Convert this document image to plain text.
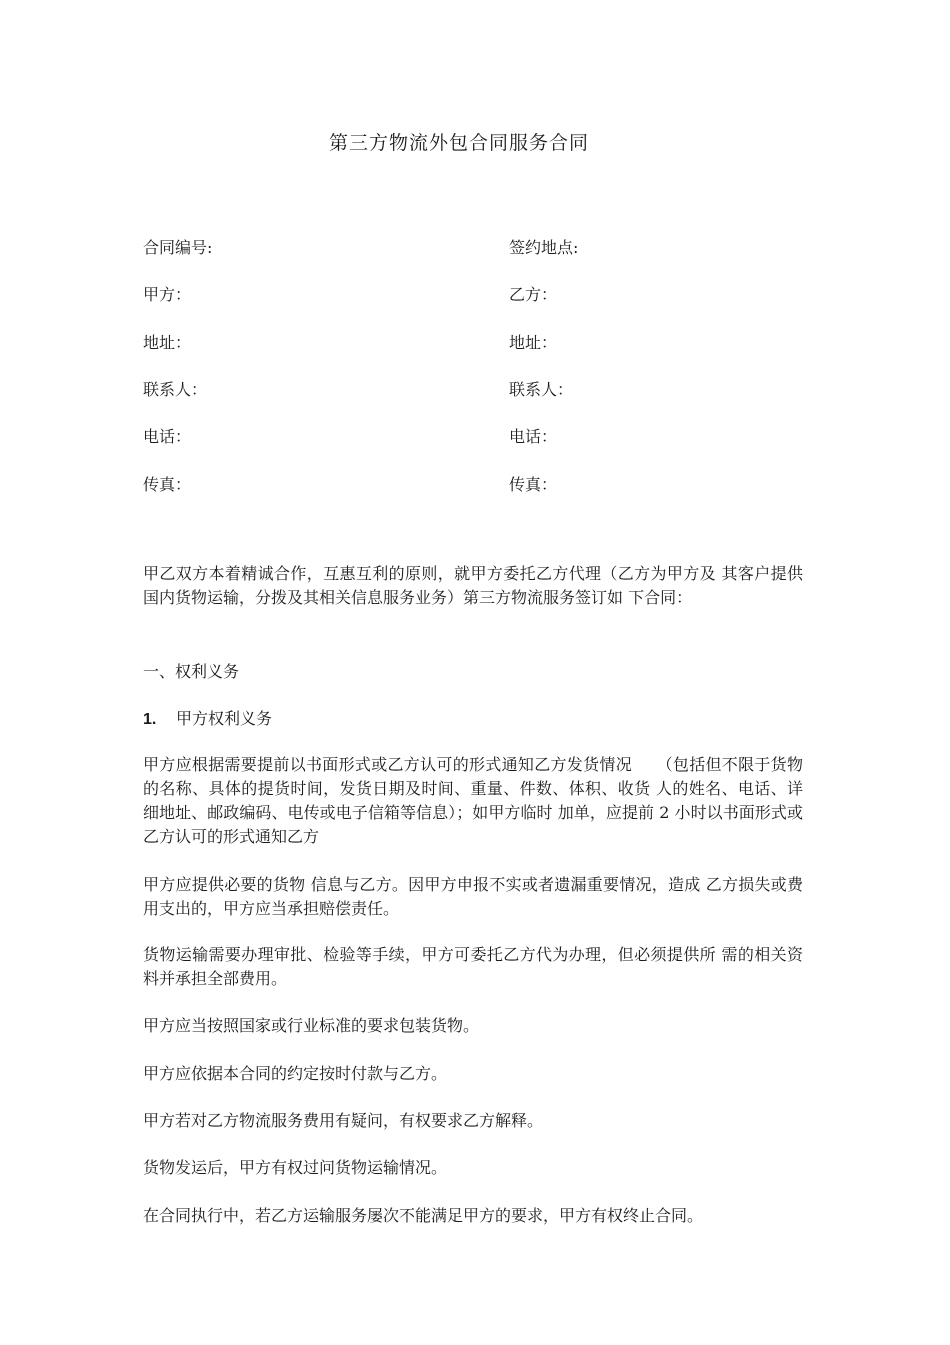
第三方物流外包合同服务合同
合同编号:
甲方：
地址：
联系人：
电话：
传真：
签约地点:
乙方：
地址：
联系人：
电话：
传真：
甲乙双方本着精诚合作，互惠互利的原则，就甲方委托乙方代理（乙方为甲方及 其客户提供国内货物运输，分拨及其相关信息服务业务）第三方物流服务签订如 下合同：
一、权利义务
1. 甲方权利义务
甲方应根据需要提前以书面形式或乙方认可的形式通知乙方发货情况　　（包括但不限于货物的名称、具体的提货时间，发货日期及时间、重量、件数、体积、收货 人的姓名、电话、详细地址、邮政编码、电传或电子信箱等信息）；如甲方临时 加单，应提前 2 小时以书面形式或乙方认可的形式通知乙方
甲方应提供必要的货物 信息与乙方。因甲方申报不实或者遗漏重要情况，造成 乙方损失或费用支出的，甲方应当承担赔偿责任。
货物运输需要办理审批、检验等手续，甲方可委托乙方代为办理，但必须提供所 需的相关资料并承担全部费用。
甲方应当按照国家或行业标准的要求包装货物。
甲方应依据本合同的约定按时付款与乙方。
甲方若对乙方物流服务费用有疑问，有权要求乙方解释。
货物发运后，甲方有权过问货物运输情况。
在合同执行中，若乙方运输服务屡次不能满足甲方的要求，甲方有权终止合同。
